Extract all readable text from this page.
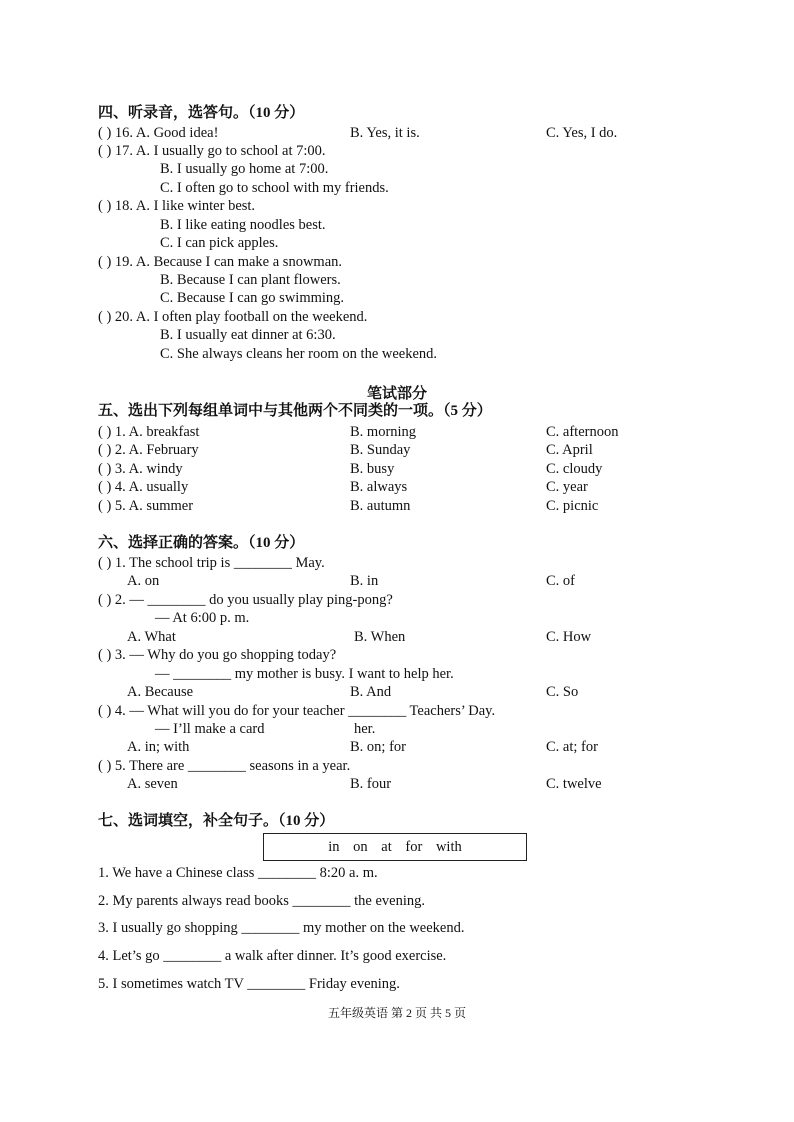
四、听录音，选答句。（10 分）
( ) 16. A. Good idea!	B. Yes, it is.	C. Yes, I do.
( ) 17. A. I usually go to school at 7:00.
B. I usually go home at 7:00.
C. I often go to school with my friends.
( ) 18. A. I like winter best.
B. I like eating noodles best.
C. I can pick apples.
( ) 19. A. Because I can make a snowman.
B. Because I can plant flowers.
C. Because I can go swimming.
( ) 20. A. I often play football on the weekend.
B. I usually eat dinner at 6:30.
C. She always cleans her room on the weekend.
笔试部分
五、选出下列每组单词中与其他两个不同类的一项。（5 分）
( ) 1. A. breakfast	B. morning	C. afternoon
( ) 2. A. February	B. Sunday	C. April
( ) 3. A. windy	B. busy	C. cloudy
( ) 4. A. usually	B. always	C. year
( ) 5. A. summer	B. autumn	C. picnic
六、选择正确的答案。（10 分）
( ) 1. The school trip is ________ May.
A. on	B. in	C. of
( ) 2. — ________ do you usually play ping-pong?
— At 6:00 p. m.
A. What	B. When	C. How
( ) 3. — Why do you go shopping today?
— ________ my mother is busy. I want to help her.
A. Because	B. And	C. So
( ) 4. — What will you do for your teacher ________ Teachers’ Day.
— I’ll make a card	her.
A. in; with	B. on; for	C. at; for
( ) 5. There are ________ seasons in a year.
A. seven	B. four	C. twelve
七、选词填空，补全句子。（10 分）
in on at for with
1. We have a Chinese class ________ 8:20 a. m.
2. My parents always read books ________ the evening.
3. I usually go shopping ________ my mother on the weekend.
4. Let’s go ________ a walk after dinner. It’s good exercise.
5. I sometimes watch TV ________ Friday evening.
五年级英语 第 2 页 共 5 页
